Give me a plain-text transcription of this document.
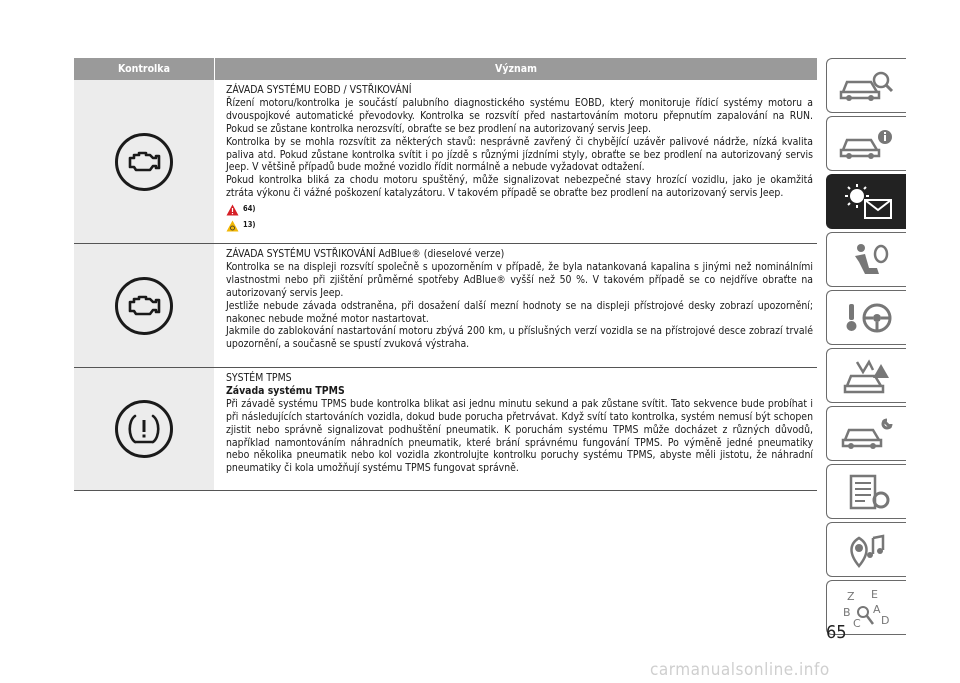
Kontrolka	Význam

ZÁVADA SYSTÉMU EOBD / VSTŘIKOVÁNÍ

Řízení motoru/kontrolka je součástí palubního diagnostického systému EOBD, který monitoruje řídicí systémy motoru a dvouspojkové automatické převodovky. Kontrolka se rozsvítí před nastartováním motoru přepnutím zapalování na RUN. Pokud se zůstane kontrolka nerozsvítí, obraťte se bez prodlení na autorizovaný servis Jeep.

Kontrolka by se mohla rozsvítit za některých stavů: nesprávně zavřený či chybějící uzávěr palivové nádrže, nízká kvalita paliva atd. Pokud zůstane kontrolka svítit i po jízdě s různými jízdními styly, obraťte se bez prodlení na autorizovaný servis Jeep. V většině případů bude možné vozidlo řídit normálně a nebude vyžadovat odtažení.

Pokud kontrolka bliká za chodu motoru spuštěný, může signalizovat nebezpečné stavy hrozící vozidlu, jako je okamžitá ztráta výkonu či vážné poškození katalyzátoru. V takovém případě se obraťte bez prodlení na autorizovaný servis Jeep.

64)
13)

ZÁVADA SYSTÉMU VSTŘIKOVÁNÍ AdBlue® (dieselové verze)

Kontrolka se na displeji rozsvítí společně s upozorněním v případě, že byla natankovaná kapalina s jinými než nominálními vlastnostmi nebo při zjištění průměrné spotřeby AdBlue® vyšší než 50 %. V takovém případě se co nejdříve obraťte na autorizovaný servis Jeep.

Jestliže nebude závada odstraněna, při dosažení další mezní hodnoty se na displeji přístrojové desky zobrazí upozornění; nakonec nebude možné motor nastartovat.

Jakmile do zablokování nastartování motoru zbývá 200 km, u příslušných verzí vozidla se na přístrojové desce zobrazí trvalé upozornění, a současně se spustí zvuková výstraha.

SYSTÉM TPMS

Závada systému TPMS

Při závadě systému TPMS bude kontrolka blikat asi jednu minutu sekund a pak zůstane svítit. Tato sekvence bude probíhat i při následujících startováních vozidla, dokud bude porucha přetrvávat. Když svítí tato kontrolka, systém nemusí být schopen zjistit nebo správně signalizovat podhuštění pneumatik. K poruchám systému TPMS může docházet z různých důvodů, například namontováním náhradních pneumatik, které brání správnému fungování TPMS. Po výměně jedné pneumatiky nebo několika pneumatik nebo kol vozidla zkontrolujte kontrolku poruchy systému TPMS, abyste měli jistotu, že náhradní pneumatiky či kola umožňují systému TPMS fungovat správně.

Z E
B A
C D
65
carmanualsonline.info
